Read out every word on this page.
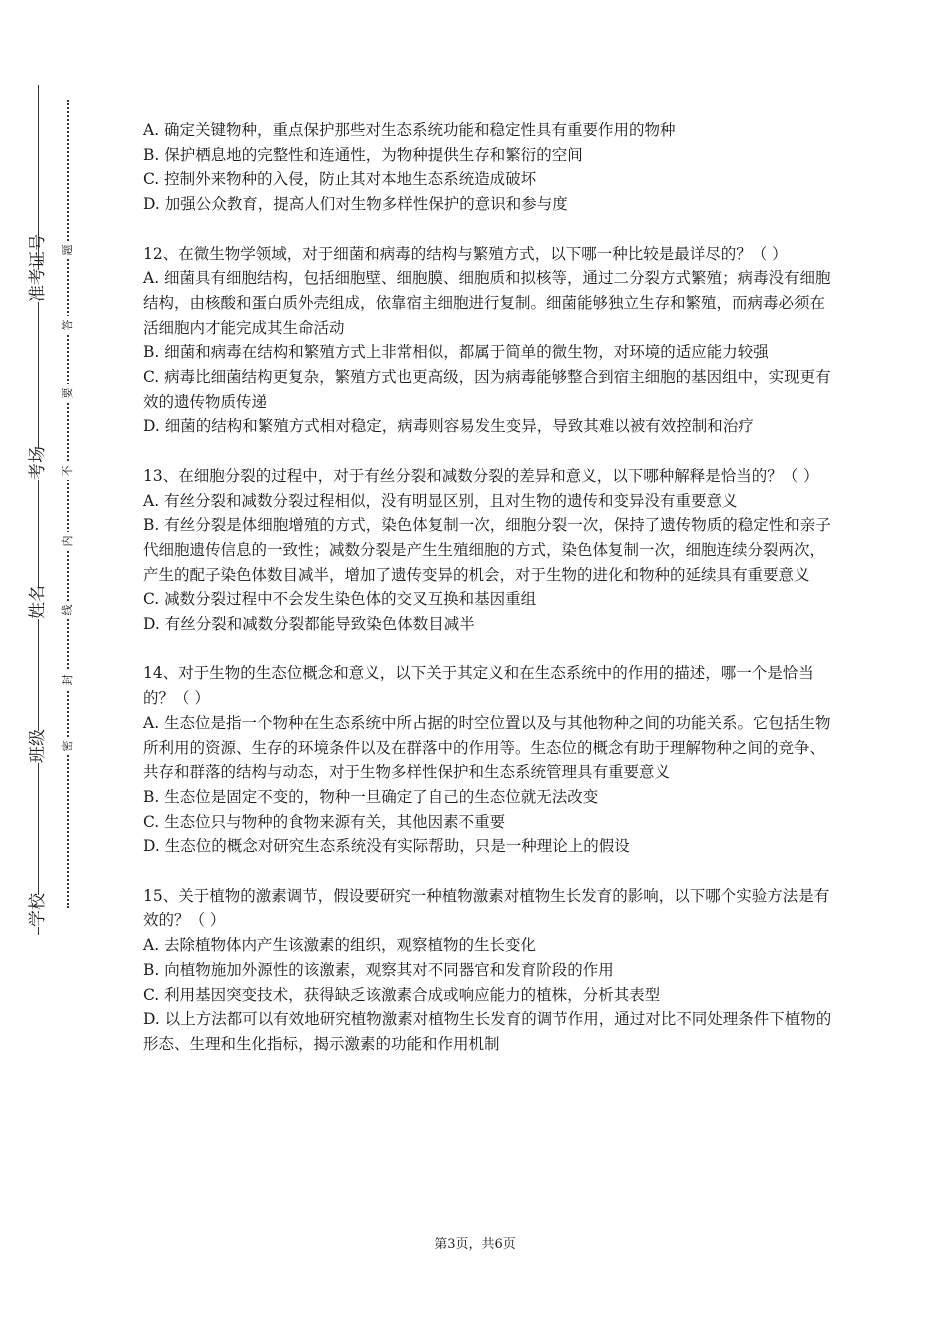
学校
班级
姓名
考场
准考证号
密
封
线
内
不
要
答
题
A. 确定关键物种，重点保护那些对生态系统功能和稳定性具有重要作用的物种
B. 保护栖息地的完整性和连通性，为物种提供生存和繁衍的空间
C. 控制外来物种的入侵，防止其对本地生态系统造成破坏
D. 加强公众教育，提高人们对生物多样性保护的意识和参与度

12、在微生物学领域，对于细菌和病毒的结构与繁殖方式，以下哪一种比较是最详尽的？（ ）

A. 细菌具有细胞结构，包括细胞壁、细胞膜、细胞质和拟核等，通过二分裂方式繁殖；病毒没有细胞结构，由核酸和蛋白质外壳组成，依靠宿主细胞进行复制。细菌能够独立生存和繁殖，而病毒必须在活细胞内才能完成其生命活动
B. 细菌和病毒在结构和繁殖方式上非常相似，都属于简单的微生物，对环境的适应能力较强
C. 病毒比细菌结构更复杂，繁殖方式也更高级，因为病毒能够整合到宿主细胞的基因组中，实现更有效的遗传物质传递
D. 细菌的结构和繁殖方式相对稳定，病毒则容易发生变异，导致其难以被有效控制和治疗

13、在细胞分裂的过程中，对于有丝分裂和减数分裂的差异和意义，以下哪种解释是恰当的？（ ）

A. 有丝分裂和减数分裂过程相似，没有明显区别，且对生物的遗传和变异没有重要意义
B. 有丝分裂是体细胞增殖的方式，染色体复制一次，细胞分裂一次，保持了遗传物质的稳定性和亲子代细胞遗传信息的一致性；减数分裂是产生生殖细胞的方式，染色体复制一次，细胞连续分裂两次，产生的配子染色体数目减半，增加了遗传变异的机会，对于生物的进化和物种的延续具有重要意义
C. 减数分裂过程中不会发生染色体的交叉互换和基因重组
D. 有丝分裂和减数分裂都能导致染色体数目减半

14、对于生物的生态位概念和意义，以下关于其定义和在生态系统中的作用的描述，哪一个是恰当的？（ ）

A. 生态位是指一个物种在生态系统中所占据的时空位置以及与其他物种之间的功能关系。它包括生物所利用的资源、生存的环境条件以及在群落中的作用等。生态位的概念有助于理解物种之间的竞争、共存和群落的结构与动态，对于生物多样性保护和生态系统管理具有重要意义
B. 生态位是固定不变的，物种一旦确定了自己的生态位就无法改变
C. 生态位只与物种的食物来源有关，其他因素不重要
D. 生态位的概念对研究生态系统没有实际帮助，只是一种理论上的假设

15、关于植物的激素调节，假设要研究一种植物激素对植物生长发育的影响，以下哪个实验方法是有效的？（ ）

A. 去除植物体内产生该激素的组织，观察植物的生长变化
B. 向植物施加外源性的该激素，观察其对不同器官和发育阶段的作用
C. 利用基因突变技术，获得缺乏该激素合成或响应能力的植株，分析其表型
D. 以上方法都可以有效地研究植物激素对植物生长发育的调节作用，通过对比不同处理条件下植物的形态、生理和生化指标，揭示激素的功能和作用机制
第3页，共6页
